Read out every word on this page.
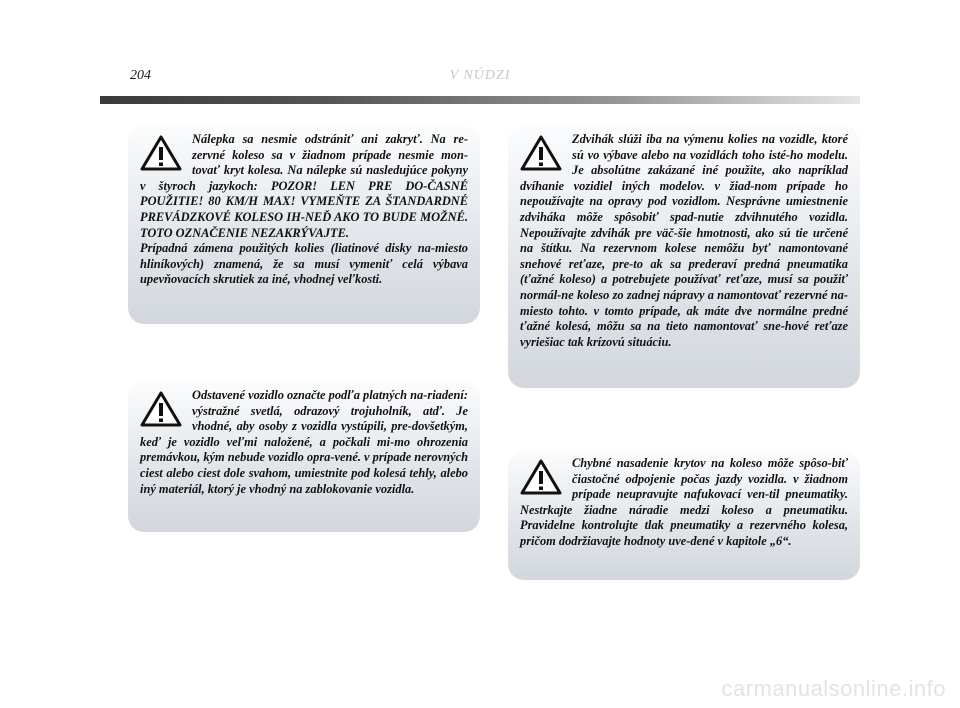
204	V NÚDZI

Nálepka sa nesmie odstrániť ani zakryť. Na re-zervné koleso sa v žiadnom prípade nesmie mon-tovať kryt kolesa. Na nálepke sú nasledujúce pokyny v štyroch jazykoch: POZOR! LEN PRE DO-ČASNÉ POUŽITIE! 80 KM/H MAX! VYMEŇTE ZA ŠTANDARDNÉ PREVÁDZKOVÉ KOLESO IH-NEĎ AKO TO BUDE MOŽNÉ. TOTO OZNAČENIE NEZAKRÝVAJTE.

Prípadná zámena použitých kolies (liatinové disky na-miesto hliníkových) znamená, že sa musí vymeniť celá výbava upevňovacích skrutiek za iné, vhodnej veľkosti.

Zdvihák slúži iba na výmenu kolies na vozidle, ktoré sú vo výbave alebo na vozidlách toho isté-ho modelu. Je absolútne zakázané iné použite, ako napríklad dvíhanie vozidiel iných modelov. v žiad-nom prípade ho nepoužívajte na opravy pod vozidlom. Nesprávne umiestnenie zdviháka môže spôsobiť spad-nutie zdvihnutého vozidla. Nepoužívajte zdvihák pre väč-šie hmotnosti, ako sú tie určené na štítku. Na rezervnom kolese nemôžu byť namontované snehové reťaze, pre-to ak sa prederaví predná pneumatika (ťažné koleso) a potrebujete používať reťaze, musí sa použiť normál-ne koleso zo zadnej nápravy a namontovať rezervné na-miesto tohto. v tomto prípade, ak máte dve normálne predné ťažné kolesá, môžu sa na tieto namontovať sne-hové reťaze vyriešiac tak krízovú situáciu.

Odstavené vozidlo označte podľa platných na-riadení: výstražné svetlá, odrazový trojuholník, atď. Je vhodné, aby osoby z vozidla vystúpili, pre-dovšetkým, keď je vozidlo veľmi naložené, a počkali mi-mo ohrozenia premávkou, kým nebude vozidlo opra-vené. v prípade nerovných ciest alebo ciest dole svahom, umiestnite pod kolesá tehly, alebo iný materiál, ktorý je vhodný na zablokovanie vozidla.

Chybné nasadenie krytov na koleso môže spôso-biť čiastočné odpojenie počas jazdy vozidla. v žiadnom prípade neupravujte nafukovací ven-til pneumatiky. Nestrkajte žiadne náradie medzi koleso a pneumatiku. Pravidelne kontrolujte tlak pneumatiky a rezervného kolesa, pričom dodržiavajte hodnoty uve-dené v kapitole „6“.

carmanualsonline.info
